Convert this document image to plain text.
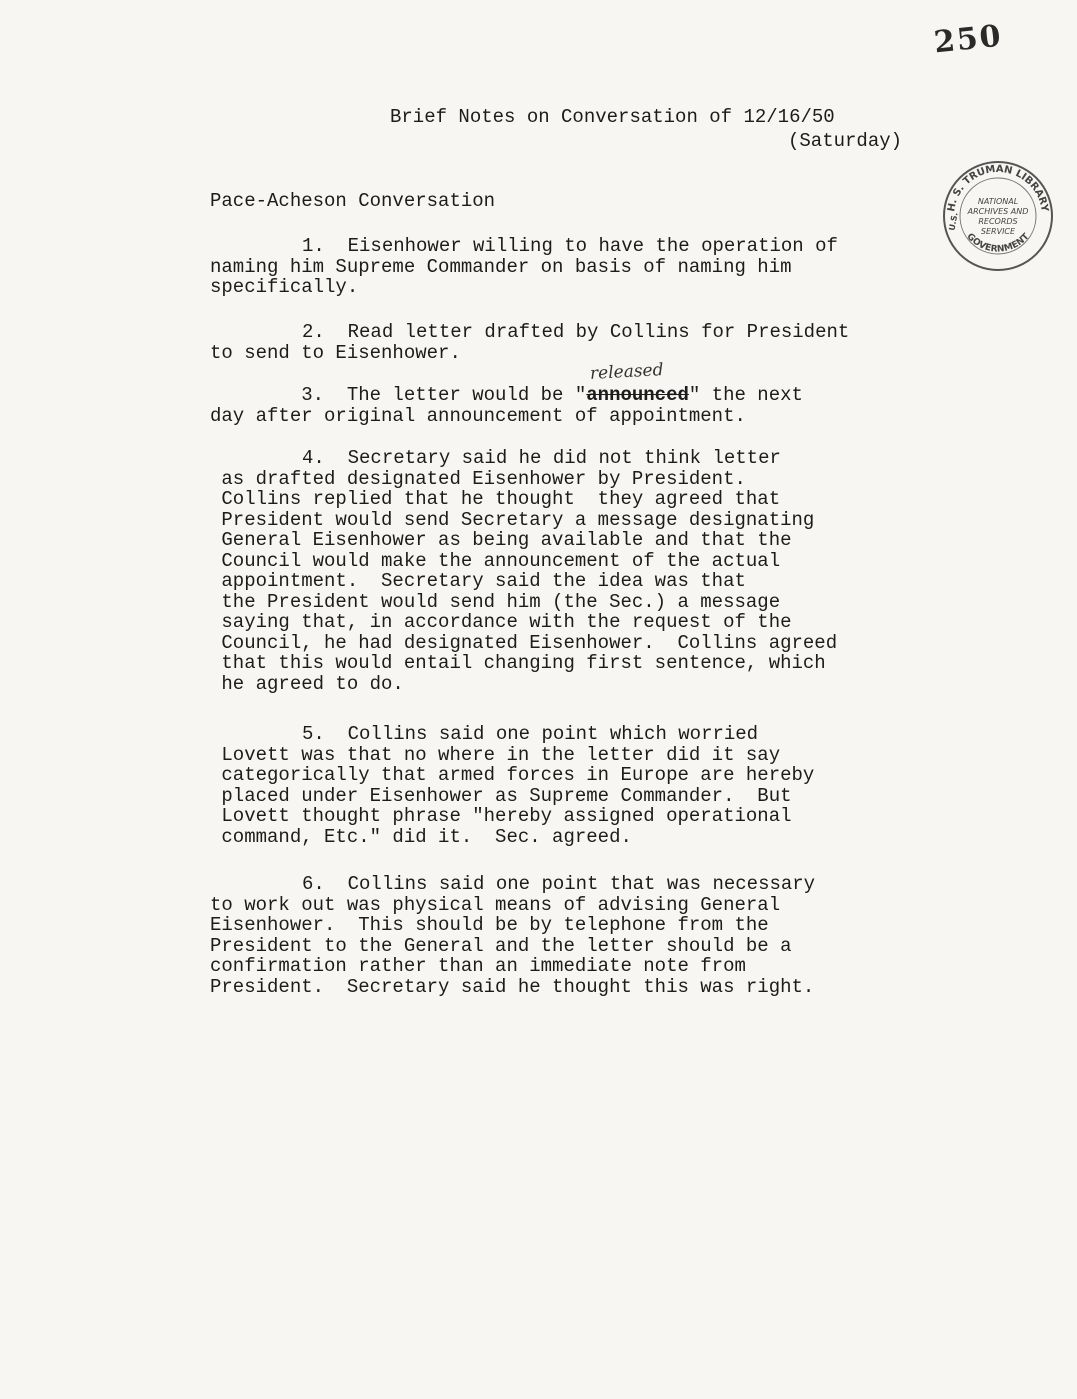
250
H. S. TRUMAN LIBRARY
GOVERNMENT
NATIONAL
ARCHIVES AND
RECORDS
SERVICE
U.S.
Brief Notes on Conversation of 12/16/50
(Saturday)
Pace-Acheson Conversation
1.  Eisenhower willing to have the operation of
naming him Supreme Commander on basis of naming him
specifically.
2.  Read letter drafted by Collins for President
to send to Eisenhower.
released
3.  The letter would be "announced" the next
day after original announcement of appointment.
4.  Secretary said he did not think letter
as drafted designated Eisenhower by President.
Collins replied that he thought  they agreed that
President would send Secretary a message designating
General Eisenhower as being available and that the
Council would make the announcement of the actual
appointment.  Secretary said the idea was that
the President would send him (the Sec.) a message
saying that, in accordance with the request of the
Council, he had designated Eisenhower.  Collins agreed
that this would entail changing first sentence, which
he agreed to do.
5.  Collins said one point which worried
Lovett was that no where in the letter did it say
categorically that armed forces in Europe are hereby
placed under Eisenhower as Supreme Commander.  But
Lovett thought phrase "hereby assigned operational
command, Etc." did it.  Sec. agreed.
6.  Collins said one point that was necessary
to work out was physical means of advising General
Eisenhower.  This should be by telephone from the
President to the General and the letter should be a
confirmation rather than an immediate note from
President.  Secretary said he thought this was right.
